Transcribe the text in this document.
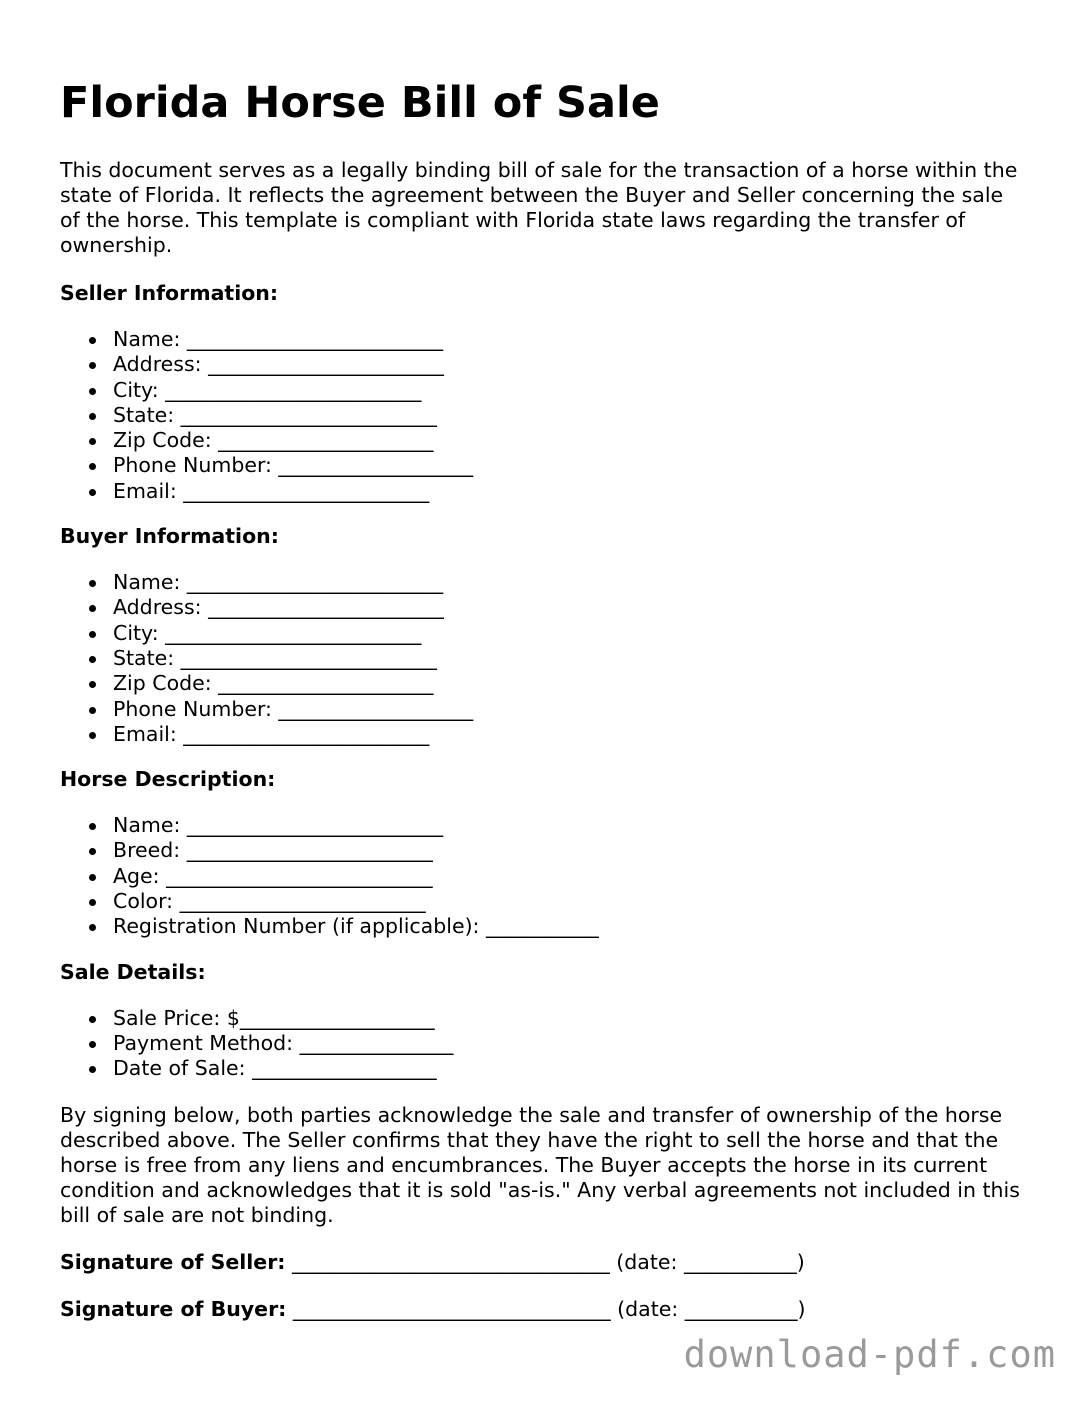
Florida Horse Bill of Sale

This document serves as a legally binding bill of sale for the transaction of a horse within the state of Florida. It reflects the agreement between the Buyer and Seller concerning the sale of the horse. This template is compliant with Florida state laws regarding the transfer of ownership.

Seller Information:
Name: _________________________
Address: _______________________
City: _________________________
State: _________________________
Zip Code: _____________________
Phone Number: ___________________
Email: ________________________
Buyer Information:
Name: _________________________
Address: _______________________
City: _________________________
State: _________________________
Zip Code: _____________________
Phone Number: ___________________
Email: ________________________
Horse Description:
Name: _________________________
Breed: ________________________
Age: __________________________
Color: ________________________
Registration Number (if applicable): ___________
Sale Details:
Sale Price: $___________________
Payment Method: _______________
Date of Sale: __________________

By signing below, both parties acknowledge the sale and transfer of ownership of the horse described above. The Seller confirms that they have the right to sell the horse and that the horse is free from any liens and encumbrances. The Buyer accepts the horse in its current condition and acknowledges that it is sold "as-is." Any verbal agreements not included in this bill of sale are not binding.

Signature of Seller: _______________________________ (date: ___________)
Signature of Buyer: _______________________________ (date: ___________)
download-pdf.com
